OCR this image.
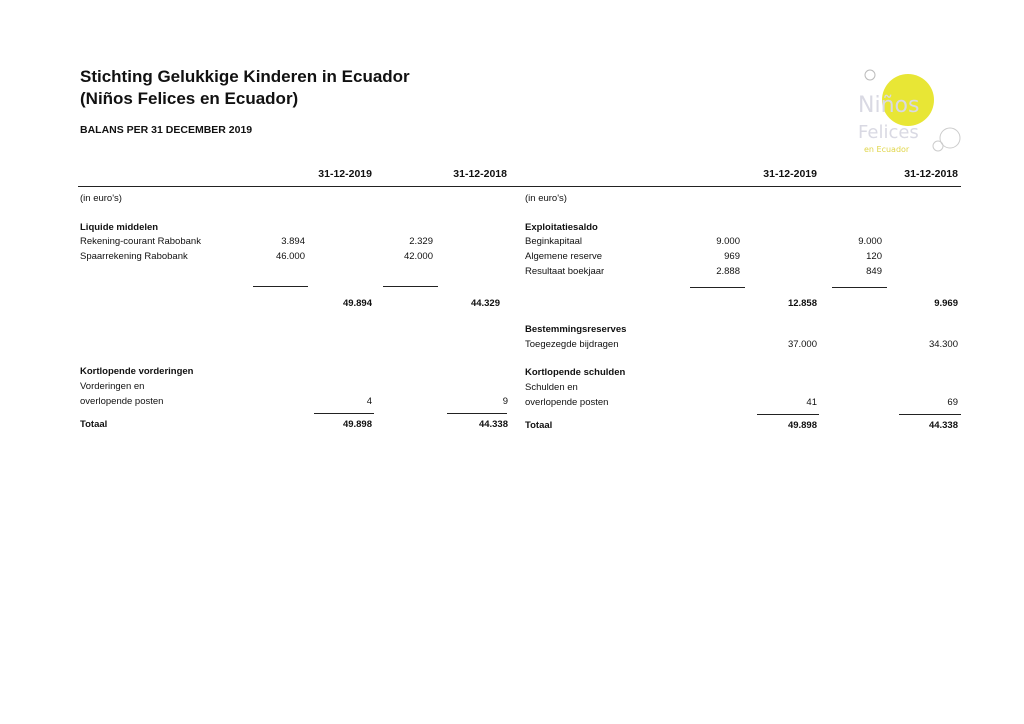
Stichting Gelukkige Kinderen in Ecuador
(Niños Felices en Ecuador)
BALANS PER 31 DECEMBER 2019
Niños
Felices
en Ecuador
31-12-2019	31-12-2018	31-12-2019	31-12-2018
(in euro's)
Liquide middelen
Rekening-courant Rabobank	3.894	2.329
Spaarrekening Rabobank	46.000	42.000
49.894	44.329
Kortlopende vorderingen
Vorderingen en
overlopende posten	4	9
Totaal	49.898	44.338
(in euro's)
Exploitatiesaldo
Beginkapitaal	9.000	9.000
Algemene reserve	969	120
Resultaat boekjaar	2.888	849
12.858	9.969
Bestemmingsreserves
Toegezegde bijdragen	37.000	34.300
Kortlopende schulden
Schulden en
overlopende posten	41	69
Totaal	49.898	44.338
